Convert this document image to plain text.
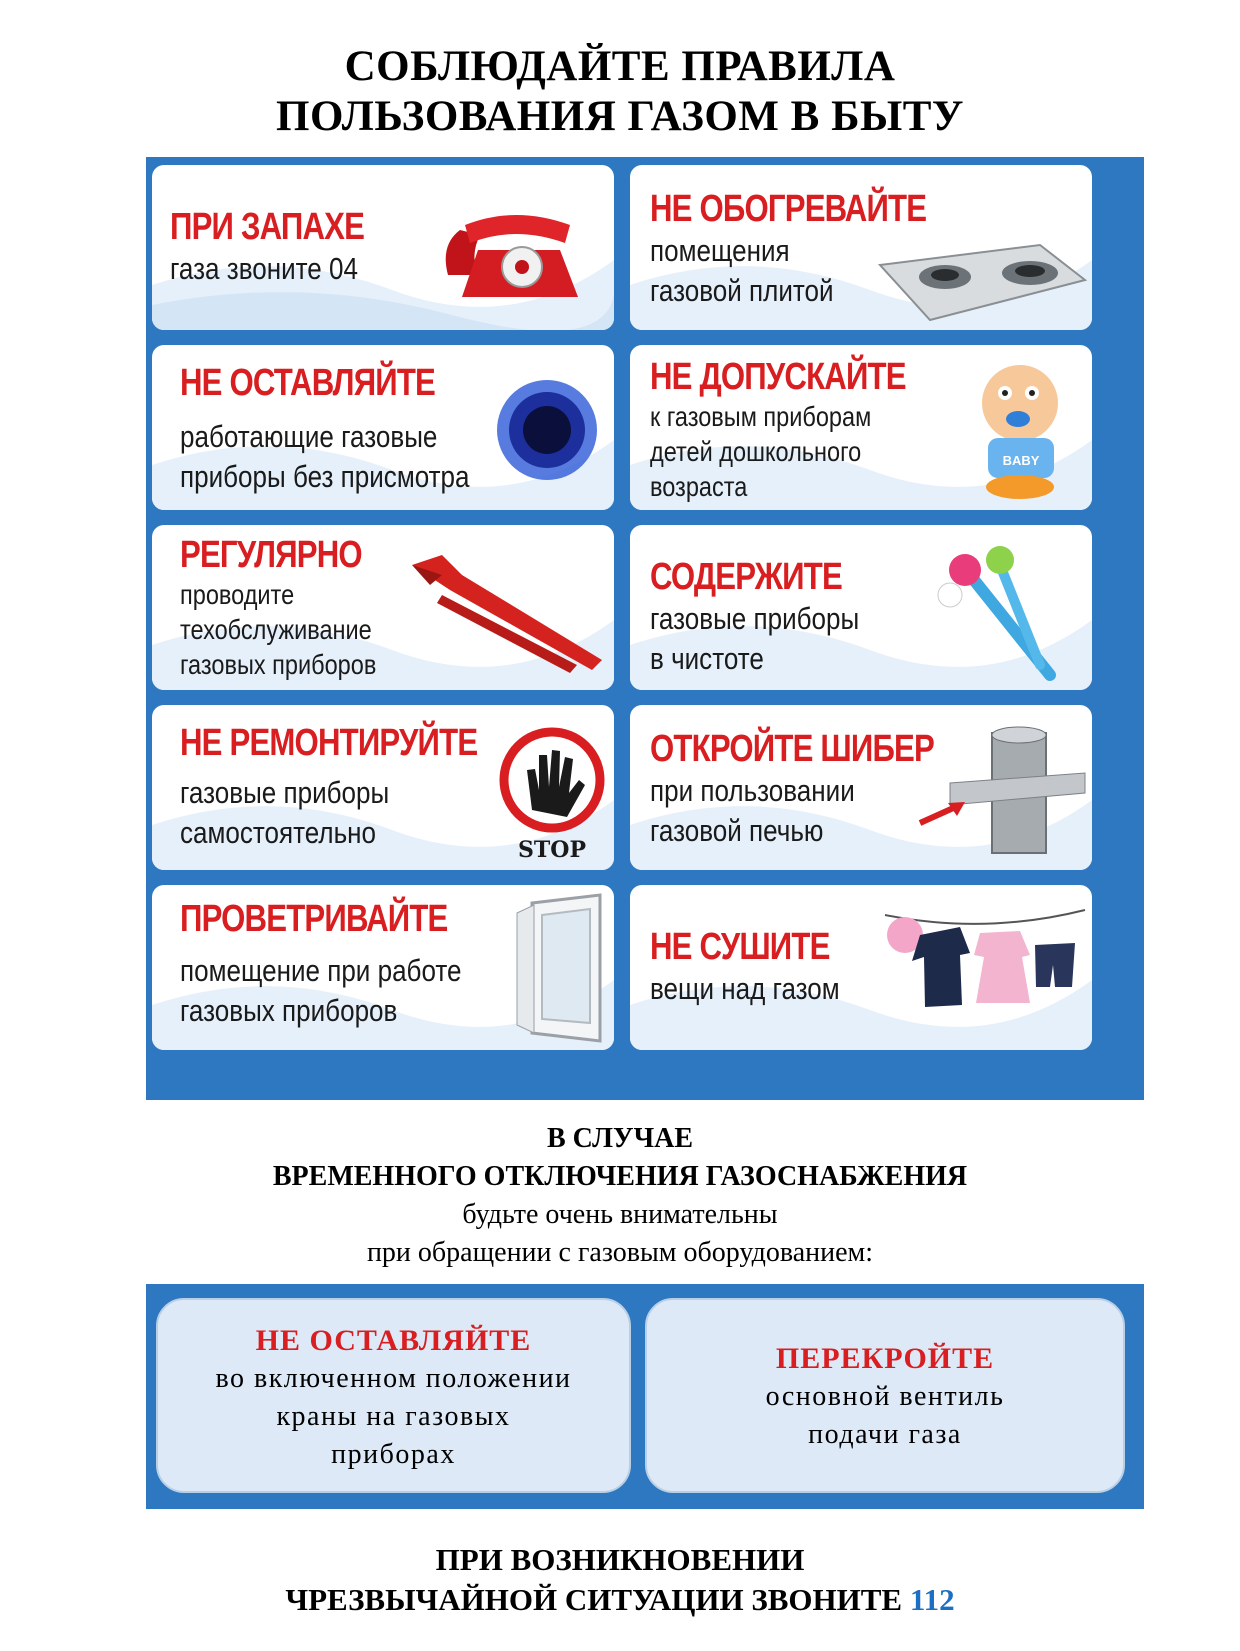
СОБЛЮДАЙТЕ ПРАВИЛА
ПОЛЬЗОВАНИЯ ГАЗОМ В БЫТУ
ПРИ ЗАПАХЕ
газа звоните 04
НЕ ОБОГРЕВАЙТЕ
помещения
газовой плитой
НЕ ОСТАВЛЯЙТЕ
работающие газовые
приборы без присмотра
НЕ ДОПУСКАЙТЕ
к газовым приборам
детей дошкольного
возраста
BABY
РЕГУЛЯРНО
проводите
техобслуживание
газовых приборов
СОДЕРЖИТЕ
газовые приборы
в чистоте
НЕ РЕМОНТИРУЙТЕ
газовые приборы
самостоятельно	STOP
ОТКРОЙТЕ ШИБЕР
при пользовании
газовой печью
ПРОВЕТРИВАЙТЕ
помещение при работе
газовых приборов
НЕ СУШИТЕ
вещи над газом
В СЛУЧАЕ
ВРЕМЕННОГО ОТКЛЮЧЕНИЯ ГАЗОСНАБЖЕНИЯ
будьте очень внимательны
при обращении с газовым оборудованием:
НЕ ОСТАВЛЯЙТЕ
во включенном положении
краны на газовых
приборах
ПЕРЕКРОЙТЕ
основной вентиль
подачи газа
ПРИ ВОЗНИКНОВЕНИИ
ЧРЕЗВЫЧАЙНОЙ СИТУАЦИИ ЗВОНИТЕ 112
